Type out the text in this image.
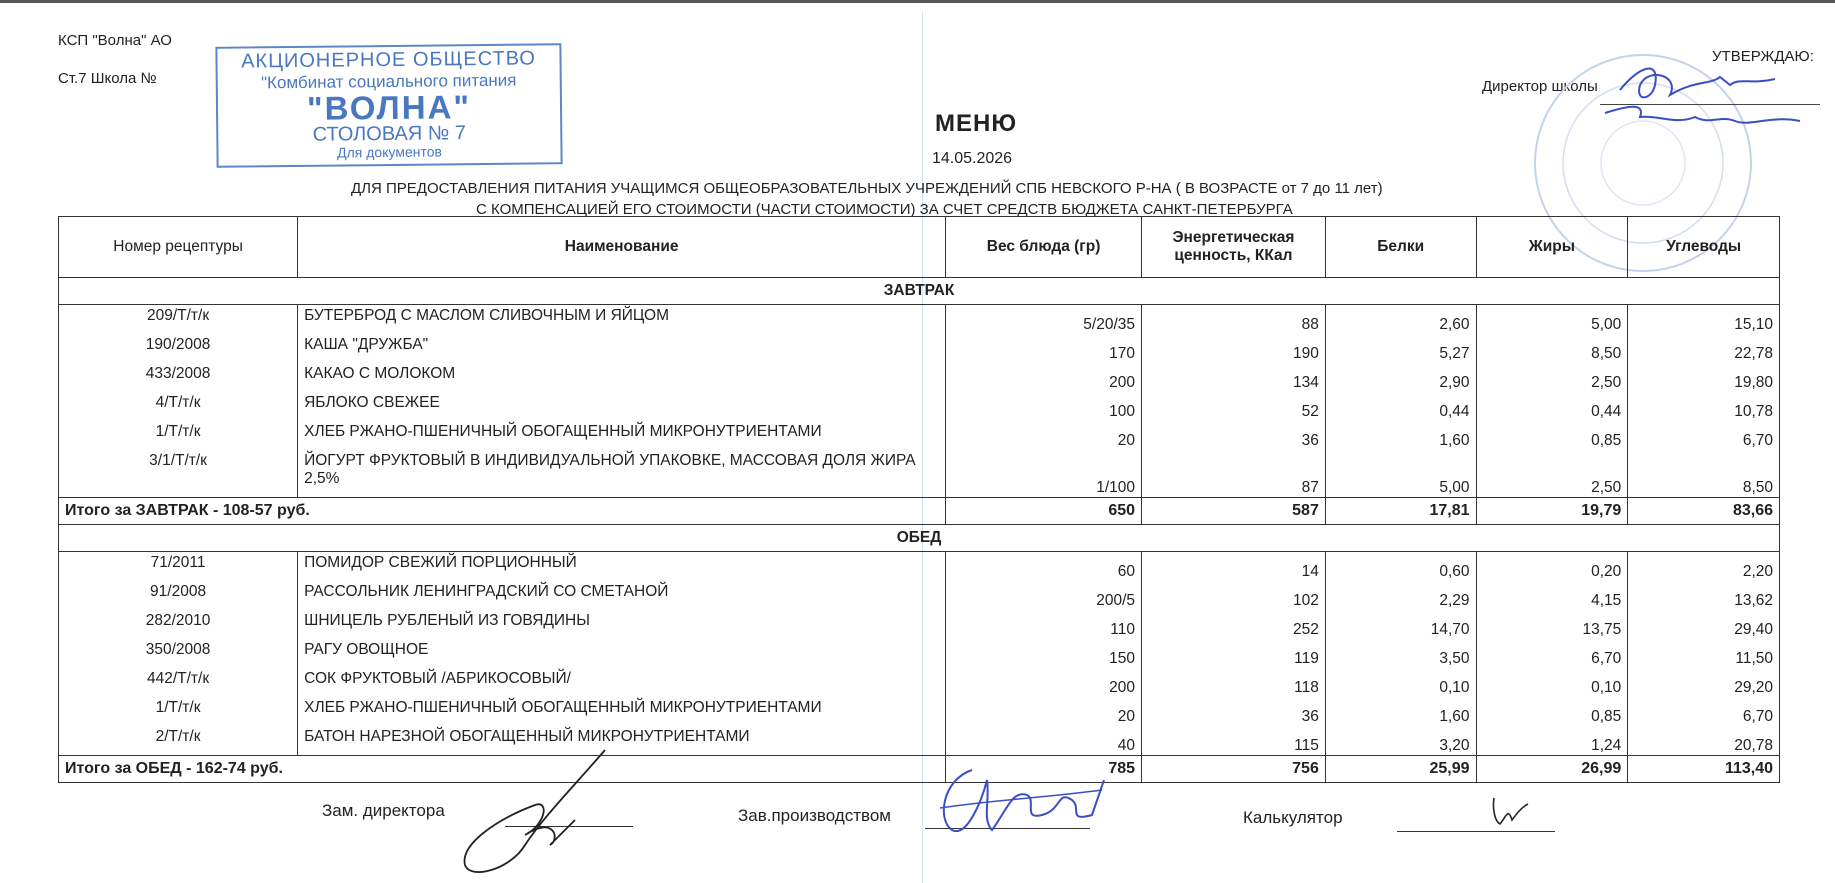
КСП "Волна" АО
Ст.7 Школа №
АКЦИОНЕРНОЕ ОБЩЕСТВО
"Комбинат социального питания
"ВОЛНА"
СТОЛОВАЯ № 7
Для документов
МЕНЮ
14.05.2026
ДЛЯ ПРЕДОСТАВЛЕНИЯ ПИТАНИЯ УЧАЩИМСЯ ОБЩЕОБРАЗОВАТЕЛЬНЫХ УЧРЕЖДЕНИЙ СПБ НЕВСКОГО Р-НА ( В ВОЗРАСТЕ от 7 до 11 лет)
С КОМПЕНСАЦИЕЙ ЕГО СТОИМОСТИ (ЧАСТИ СТОИМОСТИ) ЗА СЧЕТ СРЕДСТВ БЮДЖЕТА САНКТ-ПЕТЕРБУРГА
УТВЕРЖДАЮ:
Директор школы
Номер рецептуры	Наименование	Вес блюда (гр)	Энергетическая ценность, ККал	Белки	Жиры	Углеводы
ЗАВТРАК						
209/Т/т/к	БУТЕРБРОД С МАСЛОМ СЛИВОЧНЫМ И ЯЙЦОМ	5/20/35	88	2,60	5,00	15,10
190/2008	КАША "ДРУЖБА"	170	190	5,27	8,50	22,78
433/2008	КАКАО С МОЛОКОМ	200	134	2,90	2,50	19,80
4/Т/т/к	ЯБЛОКО СВЕЖЕЕ	100	52	0,44	0,44	10,78
1/Т/т/к	ХЛЕБ РЖАНО-ПШЕНИЧНЫЙ ОБОГАЩЕННЫЙ МИКРОНУТРИЕНТАМИ	20	36	1,60	0,85	6,70
3/1/Т/т/к	ЙОГУРТ ФРУКТОВЫЙ В ИНДИВИДУАЛЬНОЙ УПАКОВКЕ, МАССОВАЯ ДОЛЯ ЖИРА 2,5%	1/100	87	5,00	2,50	8,50
Итого за ЗАВТРАК - 108-57 руб.		650	587	17,81	19,79	83,66
ОБЕД						
71/2011	ПОМИДОР СВЕЖИЙ ПОРЦИОННЫЙ	60	14	0,60	0,20	2,20
91/2008	РАССОЛЬНИК ЛЕНИНГРАДСКИЙ СО СМЕТАНОЙ	200/5	102	2,29	4,15	13,62
282/2010	ШНИЦЕЛЬ РУБЛЕНЫЙ ИЗ ГОВЯДИНЫ	110	252	14,70	13,75	29,40
350/2008	РАГУ ОВОЩНОЕ	150	119	3,50	6,70	11,50
442/Т/т/к	СОК ФРУКТОВЫЙ /АБРИКОСОВЫЙ/	200	118	0,10	0,10	29,20
1/Т/т/к	ХЛЕБ РЖАНО-ПШЕНИЧНЫЙ ОБОГАЩЕННЫЙ МИКРОНУТРИЕНТАМИ	20	36	1,60	0,85	6,70
2/Т/т/к	БАТОН НАРЕЗНОЙ ОБОГАЩЕННЫЙ МИКРОНУТРИЕНТАМИ	40	115	3,20	1,24	20,78
Итого за ОБЕД - 162-74 руб.		785	756	25,99	26,99	113,40
Зам. директора	Зав.производством	Калькулятор
